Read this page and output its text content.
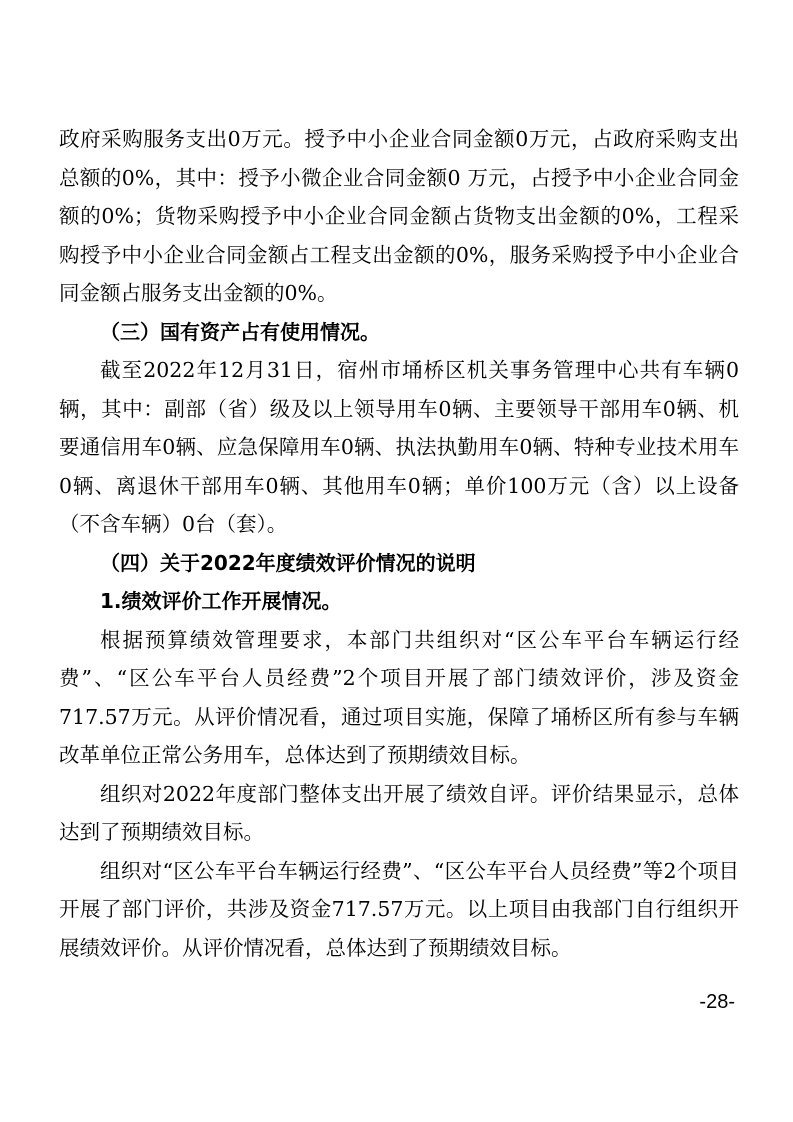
政府采购服务支出0万元。授予中小企业合同金额0万元，占政府采购支出总额的0%，其中：授予小微企业合同金额0 万元，占授予中小企业合同金额的0%；货物采购授予中小企业合同金额占货物支出金额的0%，工程采购授予中小企业合同金额占工程支出金额的0%，服务采购授予中小企业合同金额占服务支出金额的0%。

（三）国有资产占有使用情况。

截至2022年12月31日，宿州市埇桥区机关事务管理中心共有车辆0辆，其中：副部（省）级及以上领导用车0辆、主要领导干部用车0辆、机要通信用车0辆、应急保障用车0辆、执法执勤用车0辆、特种专业技术用车0辆、离退休干部用车0辆、其他用车0辆；单价100万元（含）以上设备（不含车辆）0台（套）。

（四）关于2022年度绩效评价情况的说明

1.绩效评价工作开展情况。

根据预算绩效管理要求，本部门共组织对“区公车平台车辆运行经费”、“区公车平台人员经费”2个项目开展了部门绩效评价，涉及资金717.57万元。从评价情况看，通过项目实施，保障了埇桥区所有参与车辆改革单位正常公务用车，总体达到了预期绩效目标。

组织对2022年度部门整体支出开展了绩效自评。评价结果显示，总体达到了预期绩效目标。

组织对“区公车平台车辆运行经费”、“区公车平台人员经费”等2个项目开展了部门评价，共涉及资金717.57万元。以上项目由我部门自行组织开展绩效评价。从评价情况看，总体达到了预期绩效目标。

-28-
